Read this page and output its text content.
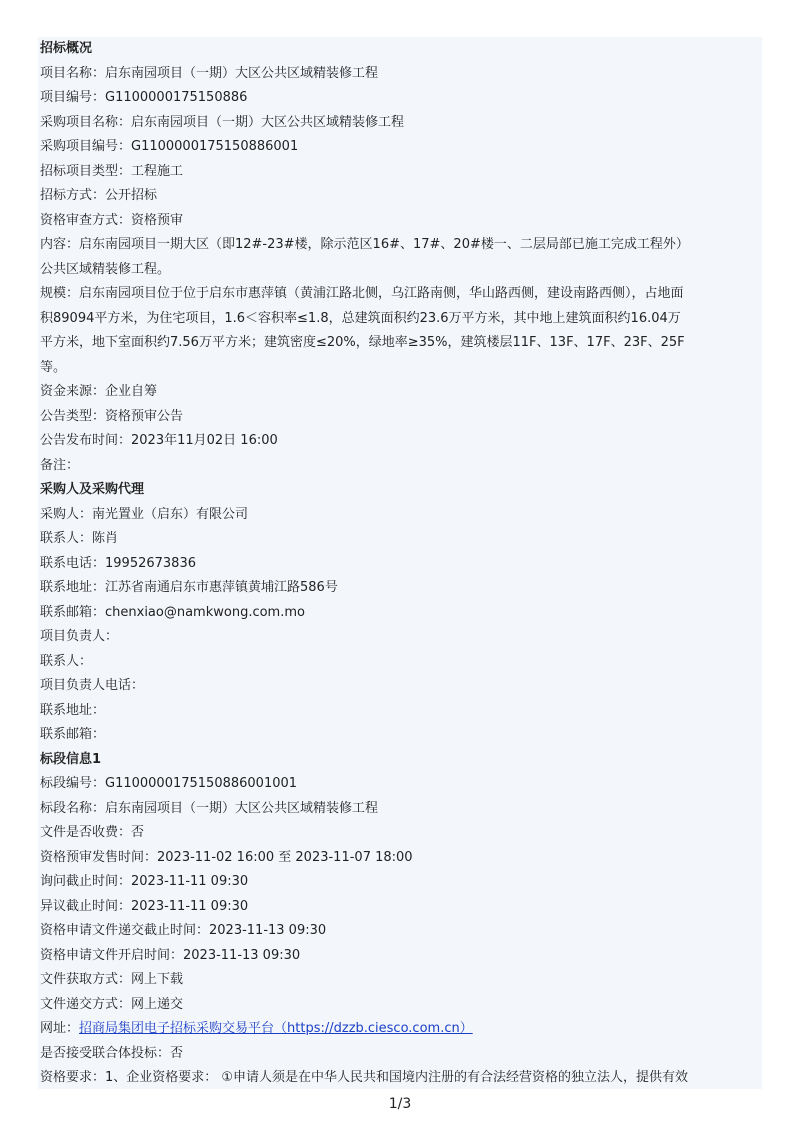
招标概况
项目名称：启东南园项目（一期）大区公共区域精装修工程
项目编号：G1100000175150886
采购项目名称：启东南园项目（一期）大区公共区域精装修工程
采购项目编号：G1100000175150886001
招标项目类型：工程施工
招标方式：公开招标
资格审查方式：资格预审
内容：启东南园项目一期大区（即12#-23#楼，除示范区16#、17#、20#楼一、二层局部已施工完成工程外）
公共区域精装修工程。
规模：启东南园项目位于位于启东市惠萍镇（黄浦江路北侧，乌江路南侧，华山路西侧，建设南路西侧），占地面
积89094平方米，为住宅项目，1.6＜容积率≤1.8，总建筑面积约23.6万平方米，其中地上建筑面积约16.04万
平方米，地下室面积约7.56万平方米；建筑密度≤20%，绿地率≥35%，建筑楼层11F、13F、17F、23F、25F
等。
资金来源：企业自筹
公告类型：资格预审公告
公告发布时间：2023年11月02日 16:00
备注：
采购人及采购代理
采购人：南光置业（启东）有限公司
联系人：陈肖
联系电话：19952673836
联系地址：江苏省南通启东市惠萍镇黄埔江路586号
联系邮箱：chenxiao@namkwong.com.mo
项目负责人：
联系人：
项目负责人电话：
联系地址：
联系邮箱：
标段信息1
标段编号：G1100000175150886001001
标段名称：启东南园项目（一期）大区公共区域精装修工程
文件是否收费：否
资格预审发售时间：2023-11-02 16:00 至 2023-11-07 18:00
询问截止时间：2023-11-11 09:30
异议截止时间：2023-11-11 09:30
资格申请文件递交截止时间：2023-11-13 09:30
资格申请文件开启时间：2023-11-13 09:30
文件获取方式：网上下载
文件递交方式：网上递交
网址：招商局集团电子招标采购交易平台（https://dzzb.ciesco.com.cn）
是否接受联合体投标：否
资格要求：1、企业资格要求： ①申请人须是在中华人民共和国境内注册的有合法经营资格的独立法人，提供有效
1/3
